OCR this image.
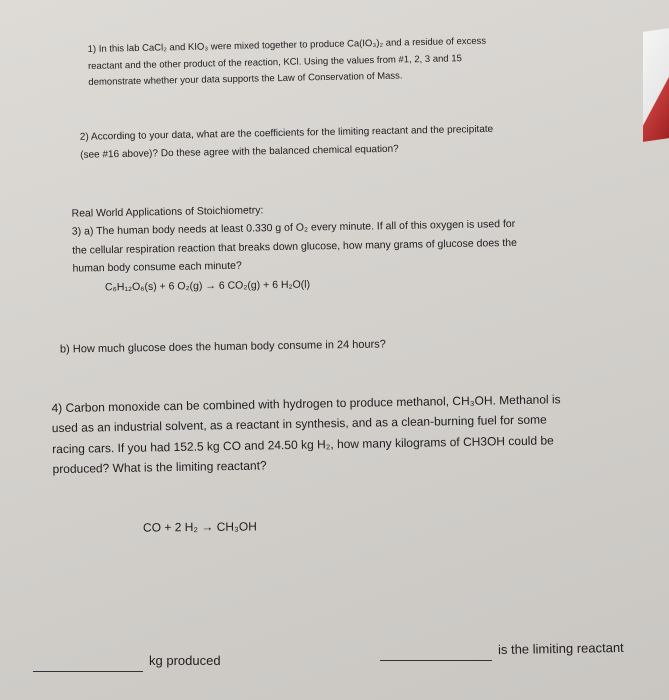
1) In this lab CaCl₂ and KIO₃ were mixed together to produce Ca(IO₃)₂ and a residue of excess
reactant and the other product of the reaction, KCl. Using the values from #1, 2, 3 and 15
demonstrate whether your data supports the Law of Conservation of Mass.
2) According to your data, what are the coefficients for the limiting reactant and the precipitate
(see #16 above)? Do these agree with the balanced chemical equation?
Real World Applications of Stoichiometry:
3) a) The human body needs at least 0.330 g of O₂ every minute. If all of this oxygen is used for
the cellular respiration reaction that breaks down glucose, how many grams of glucose does the
human body consume each minute?
C₆H₁₂O₆(s) + 6 O₂(g) → 6 CO₂(g) + 6 H₂O(l)
b) How much glucose does the human body consume in 24 hours?
4) Carbon monoxide can be combined with hydrogen to produce methanol, CH₃OH. Methanol is
used as an industrial solvent, as a reactant in synthesis, and as a clean-burning fuel for some
racing cars. If you had 152.5 kg CO and 24.50 kg H₂, how many kilograms of CH3OH could be
produced? What is the limiting reactant?
CO + 2 H₂ → CH₃OH
kg produced
is the limiting reactant
